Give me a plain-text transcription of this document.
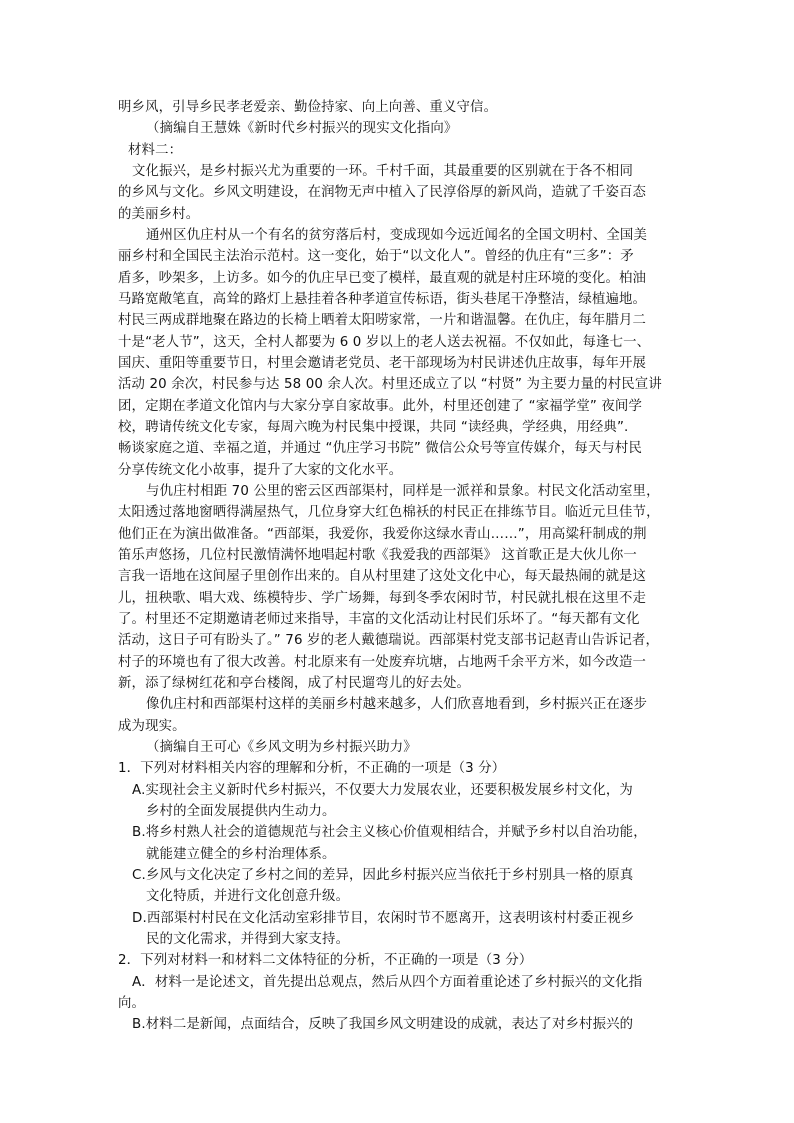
明乡风，引导乡民孝老爱亲、勤俭持家、向上向善、重义守信。
（摘编自王慧姝《新时代乡村振兴的现实文化指向》
材料二：
文化振兴，是乡村振兴尤为重要的一环。千村千面，其最重要的区别就在于各不相同
的乡风与文化。乡风文明建设，在润物无声中植入了民淳俗厚的新风尚，造就了千姿百态
的美丽乡村。
通州区仇庄村从一个有名的贫穷落后村，变成现如今远近闻名的全国文明村、全国美
丽乡村和全国民主法治示范村。这一变化，始于“以文化人”。曾经的仇庄有“三多”：矛
盾多，吵架多，上访多。如今的仇庄早已变了模样，最直观的就是村庄环境的变化。柏油
马路宽敞笔直，高耸的路灯上悬挂着各种孝道宣传标语，街头巷尾干净整洁，绿植遍地。
村民三两成群地聚在路边的长椅上晒着太阳唠家常，一片和谐温馨。在仇庄，每年腊月二
十是“老人节”，这天，全村人都要为 6 0 岁以上的老人送去祝福。不仅如此，每逢七一、
国庆、重阳等重要节日，村里会邀请老党员、老干部现场为村民讲述仇庄故事，每年开展
活动 20 余次，村民参与达 58 00 余人次。村里还成立了以 “村贤” 为主要力量的村民宣讲
团，定期在孝道文化馆内与大家分享自家故事。此外，村里还创建了 “家福学堂” 夜间学
校，聘请传统文化专家，每周六晚为村民集中授课，共同 “读经典，学经典，用经典”.
畅谈家庭之道、幸福之道，并通过 “仇庄学习书院” 微信公众号等宣传媒介，每天与村民
分享传统文化小故事，提升了大家的文化水平。
与仇庄村相距 70 公里的密云区西部渠村，同样是一派祥和景象。村民文化活动室里，
太阳透过落地窗晒得满屋热气，几位身穿大红色棉袄的村民正在排练节目。临近元旦佳节，
他们正在为演出做准备。“西部渠，我爱你，我爱你这绿水青山……”，用高粱秆制成的荆
笛乐声悠扬，几位村民激情满怀地唱起村歌《我爱我的西部渠》 这首歌正是大伙儿你一
言我一语地在这间屋子里创作出来的。自从村里建了这处文化中心，每天最热闹的就是这
儿，扭秧歌、唱大戏、练模特步、学广场舞，每到冬季农闲时节，村民就扎根在这里不走
了。村里还不定期邀请老师过来指导，丰富的文化活动让村民们乐坏了。“每天都有文化
活动，这日子可有盼头了。” 76 岁的老人戴德瑞说。西部渠村党支部书记赵青山告诉记者，
村子的环境也有了很大改善。村北原来有一处废弃坑塘，占地两千余平方米，如今改造一
新，添了绿树红花和亭台楼阁，成了村民遛弯儿的好去处。
像仇庄村和西部渠村这样的美丽乡村越来越多，人们欣喜地看到，乡村振兴正在逐步
成为现实。
（摘编自王可心《乡风文明为乡村振兴助力》
1．下列对材料相关内容的理解和分析，不正确的一项是（3 分）
A.实现社会主义新时代乡村振兴，不仅要大力发展农业，还要积极发展乡村文化，为
乡村的全面发展提供内生动力。
B.将乡村熟人社会的道德规范与社会主义核心价值观相结合，并赋予乡村以自治功能，
就能建立健全的乡村治理体系。
C.乡风与文化决定了乡村之间的差异，因此乡村振兴应当依托于乡村别具一格的原真
文化特质，并进行文化创意升级。
D.西部渠村村民在文化活动室彩排节目，农闲时节不愿离开，这表明该村村委正视乡
民的文化需求，并得到大家支持。
2．下列对材料一和材料二文体特征的分析，不正确的一项是（3 分）
A．材料一是论述文，首先提出总观点，然后从四个方面着重论述了乡村振兴的文化指
向。
B.材料二是新闻，点面结合，反映了我国乡风文明建设的成就，表达了对乡村振兴的
